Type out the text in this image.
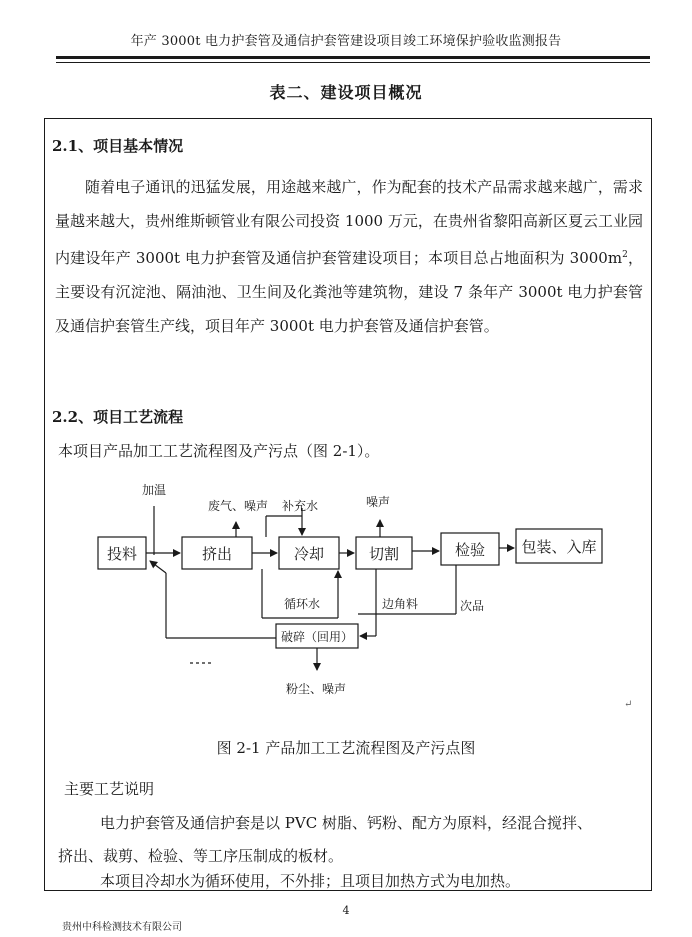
年产 3000t 电力护套管及通信护套管建设项目竣工环境保护验收监测报告
表二、建设项目概况
2.1、项目基本情况
随着电子通讯的迅猛发展，用途越来越广，作为配套的技术产品需求越来越广，需求量越来越大，贵州维斯顿管业有限公司投资 1000 万元，在贵州省黎阳高新区夏云工业园内建设年产 3000t 电力护套管及通信护套管建设项目；本项目总占地面积为 $3000m^2$，主要设有沉淀池、隔油池、卫生间及化粪池等建筑物，建设 7 条年产 3000t 电力护套管及通信护套管生产线，项目年产 3000t 电力护套管及通信护套管。
2.2、项目工艺流程
本项目产品加工工艺流程图及产污点（图 2-1）。
投料	挤出	冷却	切割	检验 包装、入库
破碎（回用）
加温
废气、噪声 补充水	噪声
循环水	边角料	次品
粉尘、噪声
↵
图 2-1 产品加工工艺流程图及产污点图
主要工艺说明
电力护套管及通信护套是以 PVC 树脂、钙粉、配方为原料，经混合搅拌、
挤出、裁剪、检验、等工序压制成的板材。
本项目冷却水为循环使用，不外排；且项目加热方式为电加热。
4
贵州中科检测技术有限公司
